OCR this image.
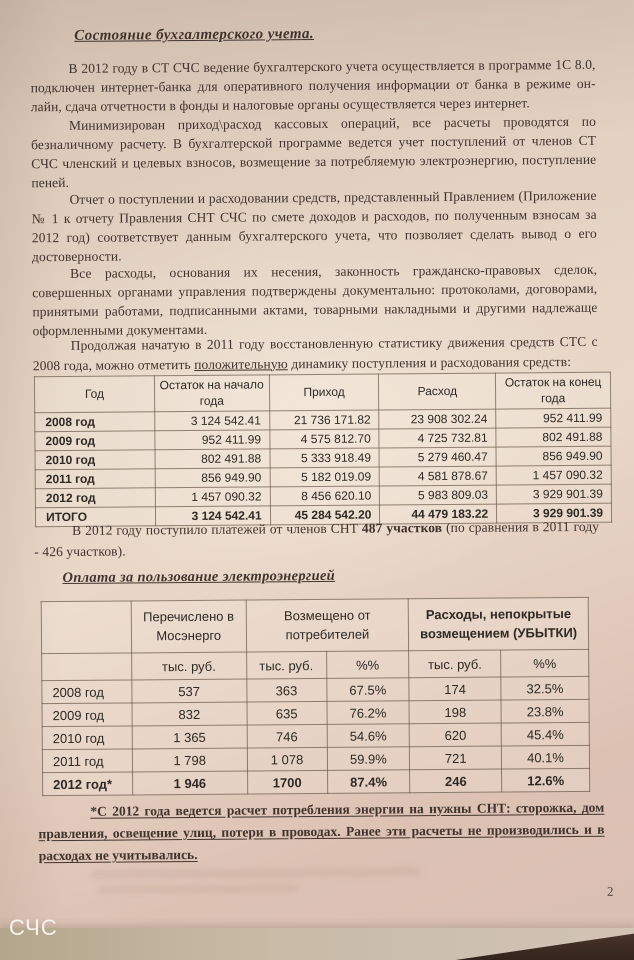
Состояние бухгалтерского учета.
В 2012 году в СТ СЧС ведение бухгалтерского учета осуществляется в программе 1С 8.0, подключен интернет-банка для оперативного получения информации от банка в режиме он-лайн, сдача отчетности в фонды и налоговые органы осуществляется через интернет.
Минимизирован приход\расход кассовых операций, все расчеты проводятся по безналичному расчету. В бухгалтерской программе ведется учет поступлений от членов СТ СЧС членский и целевых взносов, возмещение за потребляемую электроэнергию, поступление пеней.
Отчет о поступлении и расходовании средств, представленный Правлением (Приложение № 1 к отчету Правления СНТ СЧС по смете доходов и расходов, по полученным взносам за 2012 год) соответствует данным бухгалтерского учета, что позволяет сделать вывод о его достоверности.
Все расходы, основания их несения, законность гражданско-правовых сделок, совершенных органами управления подтверждены документально: протоколами, договорами, принятыми работами, подписанными актами, товарными накладными и другими надлежаще оформленными документами.
Продолжая начатую в 2011 году восстановленную статистику движения средств СТС с 2008 года, можно отметить положительную динамику поступления и расходования средств:
Год	Остаток на начало года	Приход	Расход	Остаток на конец года
2008 год	3 124 542.41	21 736 171.82	23 908 302.24	952 411.99
2009 год	952 411.99	4 575 812.70	4 725 732.81	802 491.88
2010 год	802 491.88	5 333 918.49	5 279 460.47	856 949.90
2011 год	856 949.90	5 182 019.09	4 581 878.67	1 457 090.32
2012 год	1 457 090.32	8 456 620.10	5 983 809.03	3 929 901.39
ИТОГО	3 124 542.41	45 284 542.20	44 479 183.22	3 929 901.39
В 2012 году поступило платежей от членов СНТ 487 участков (по сравнения в 2011 году - 426 участков).
Оплата за пользование электроэнергией
	Перечислено в Мосэнерго	Возмещено от потребителей		Расходы, непокрытые возмещением (УБЫТКИ)	
	тыс. руб.	тыс. руб.	%%	тыс. руб.	%%
2008 год	537	363	67.5%	174	32.5%
2009 год	832	635	76.2%	198	23.8%
2010 год	1 365	746	54.6%	620	45.4%
2011 год	1 798	1 078	59.9%	721	40.1%
2012 год*	1 946	1700	87.4%	246	12.6%
*С 2012 года ведется расчет потребления энергии на нужны СНТ: сторожка, дом правления, освещение улиц, потери в проводах. Ранее эти расчеты не производились и в расходах не учитывались.
2
СЧС
